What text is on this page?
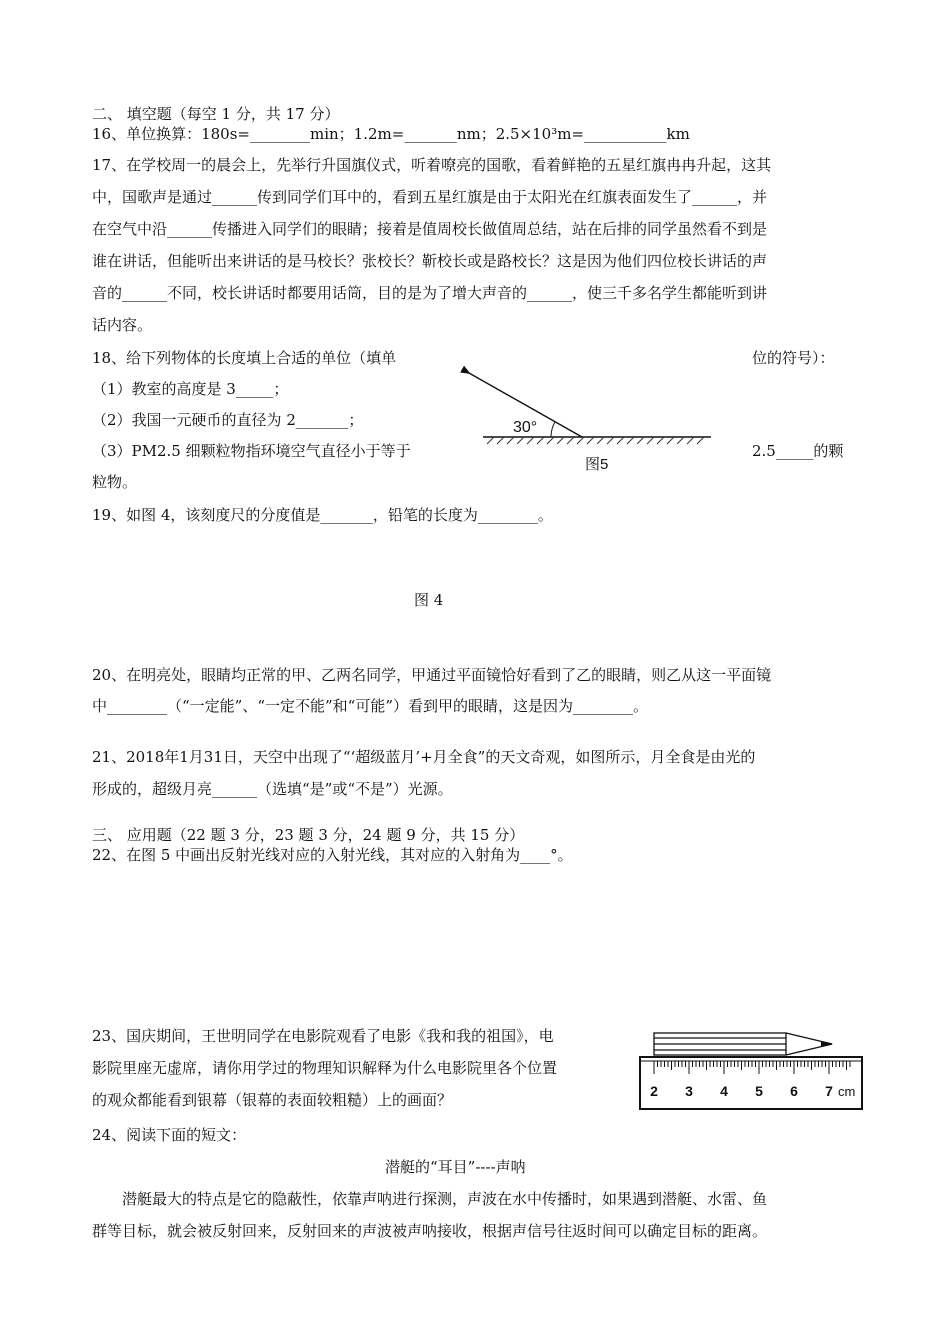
二、 填空题（每空 1 分，共 17 分）
16、单位换算：180s=________min；1.2m=_______nm；2.5×10³m=___________km
17、在学校周一的晨会上，先举行升国旗仪式，听着嘹亮的国歌，看着鲜艳的五星红旗冉冉升起，这其
中，国歌声是通过______传到同学们耳中的，看到五星红旗是由于太阳光在红旗表面发生了______，并
在空气中沿______传播进入同学们的眼睛；接着是值周校长做值周总结，站在后排的同学虽然看不到是
谁在讲话，但能听出来讲话的是马校长？张校长？靳校长或是路校长？这是因为他们四位校长讲话的声
音的______不同，校长讲话时都要用话筒，目的是为了增大声音的______，使三千多名学生都能听到讲
话内容。
18、给下列物体的长度填上合适的单位（填单	位的符号）：
（1）教室的高度是 3_____；
（2）我国一元硬币的直径为 2_______；
（3）PM2.5 细颗粒物指环境空气直径小于等于	2.5_____的颗
粒物。
30°
图5
19、如图 4，该刻度尺的分度值是_______，铅笔的长度为________。
图 4
20、在明亮处，眼睛均正常的甲、乙两名同学，甲通过平面镜恰好看到了乙的眼睛，则乙从这一平面镜
中________（“一定能”、“一定不能”和“可能”）看到甲的眼睛，这是因为________。
21、2018年1月31日，天空中出现了“‘超级蓝月’+月全食”的天文奇观，如图所示，月全食是由光的
形成的，超级月亮______（选填“是”或“不是”）光源。
三、 应用题（22 题 3 分，23 题 3 分，24 题 9 分，共 15 分）
22、在图 5 中画出反射光线对应的入射光线，其对应的入射角为____°。
23、国庆期间，王世明同学在电影院观看了电影《我和我的祖国》，电
影院里座无虚席，请你用学过的物理知识解释为什么电影院里各个位置
的观众都能看到银幕（银幕的表面较粗糙）上的画面？	2 3 4 5 6 7 cm
24、阅读下面的短文：
潜艇的“耳目”----声呐
潜艇最大的特点是它的隐蔽性，依靠声呐进行探测，声波在水中传播时，如果遇到潜艇、水雷、鱼
群等目标，就会被反射回来，反射回来的声波被声呐接收，根据声信号往返时间可以确定目标的距离。
